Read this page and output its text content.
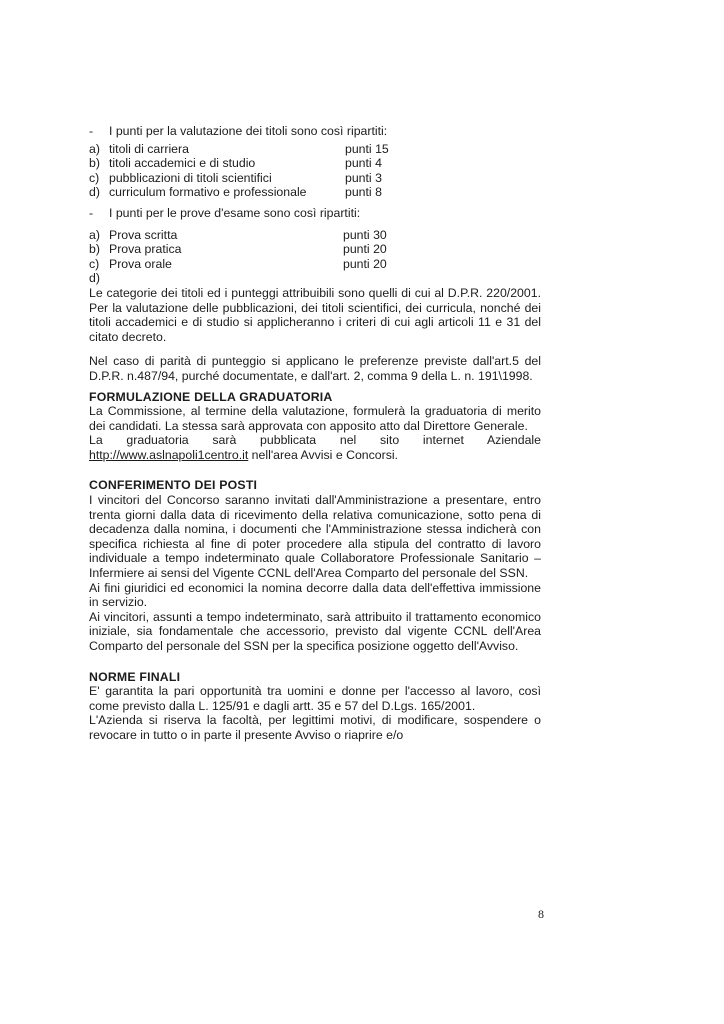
- I punti per la valutazione dei titoli sono così ripartiti:
a) titoli di carriera	punti 15
b) titoli accademici e di studio	punti 4
c) pubblicazioni di titoli scientifici	punti 3
d) curriculum formativo e professionale	punti 8
- I punti per le prove d'esame sono così ripartiti:
a) Prova scritta	punti 30
b) Prova pratica	punti 20
c) Prova orale	punti 20
d)

Le categorie dei titoli ed i punteggi attribuibili sono quelli di cui al D.P.R. 220/2001. Per la valutazione delle pubblicazioni, dei titoli scientifici, dei curricula, nonché dei titoli accademici e di studio si applicheranno i criteri di cui agli articoli 11 e 31 del citato decreto.

Nel caso di parità di punteggio si applicano le preferenze previste dall'art.5 del D.P.R. n.487/94, purché documentate, e dall'art. 2, comma 9 della L. n. 191\1998.

FORMULAZIONE DELLA GRADUATORIA

La Commissione, al termine della valutazione, formulerà la graduatoria di merito dei candidati. La stessa sarà approvata con apposito atto dal Direttore Generale.

La graduatoria sarà pubblicata nel sito internet Aziendale http://www.aslnapoli1centro.it nell'area Avvisi e Concorsi.

CONFERIMENTO DEI POSTI

I vincitori del Concorso saranno invitati dall'Amministrazione a presentare, entro trenta giorni dalla data di ricevimento della relativa comunicazione, sotto pena di decadenza dalla nomina, i documenti che l'Amministrazione stessa indicherà con specifica richiesta al fine di poter procedere alla stipula del contratto di lavoro individuale a tempo indeterminato quale Collaboratore Professionale Sanitario – Infermiere ai sensi del Vigente CCNL dell'Area Comparto del personale del SSN.

Ai fini giuridici ed economici la nomina decorre dalla data dell'effettiva immissione in servizio.

Ai vincitori, assunti a tempo indeterminato, sarà attribuito il trattamento economico iniziale, sia fondamentale che accessorio, previsto dal vigente CCNL dell'Area Comparto del personale del SSN per la specifica posizione oggetto dell'Avviso.

NORME FINALI

E' garantita la pari opportunità tra uomini e donne per l'accesso al lavoro, così come previsto dalla L. 125/91 e dagli artt. 35 e 57 del D.Lgs. 165/2001.

L'Azienda si riserva la facoltà, per legittimi motivi, di modificare, sospendere o revocare in tutto o in parte il presente Avviso o riaprire e/o

8
